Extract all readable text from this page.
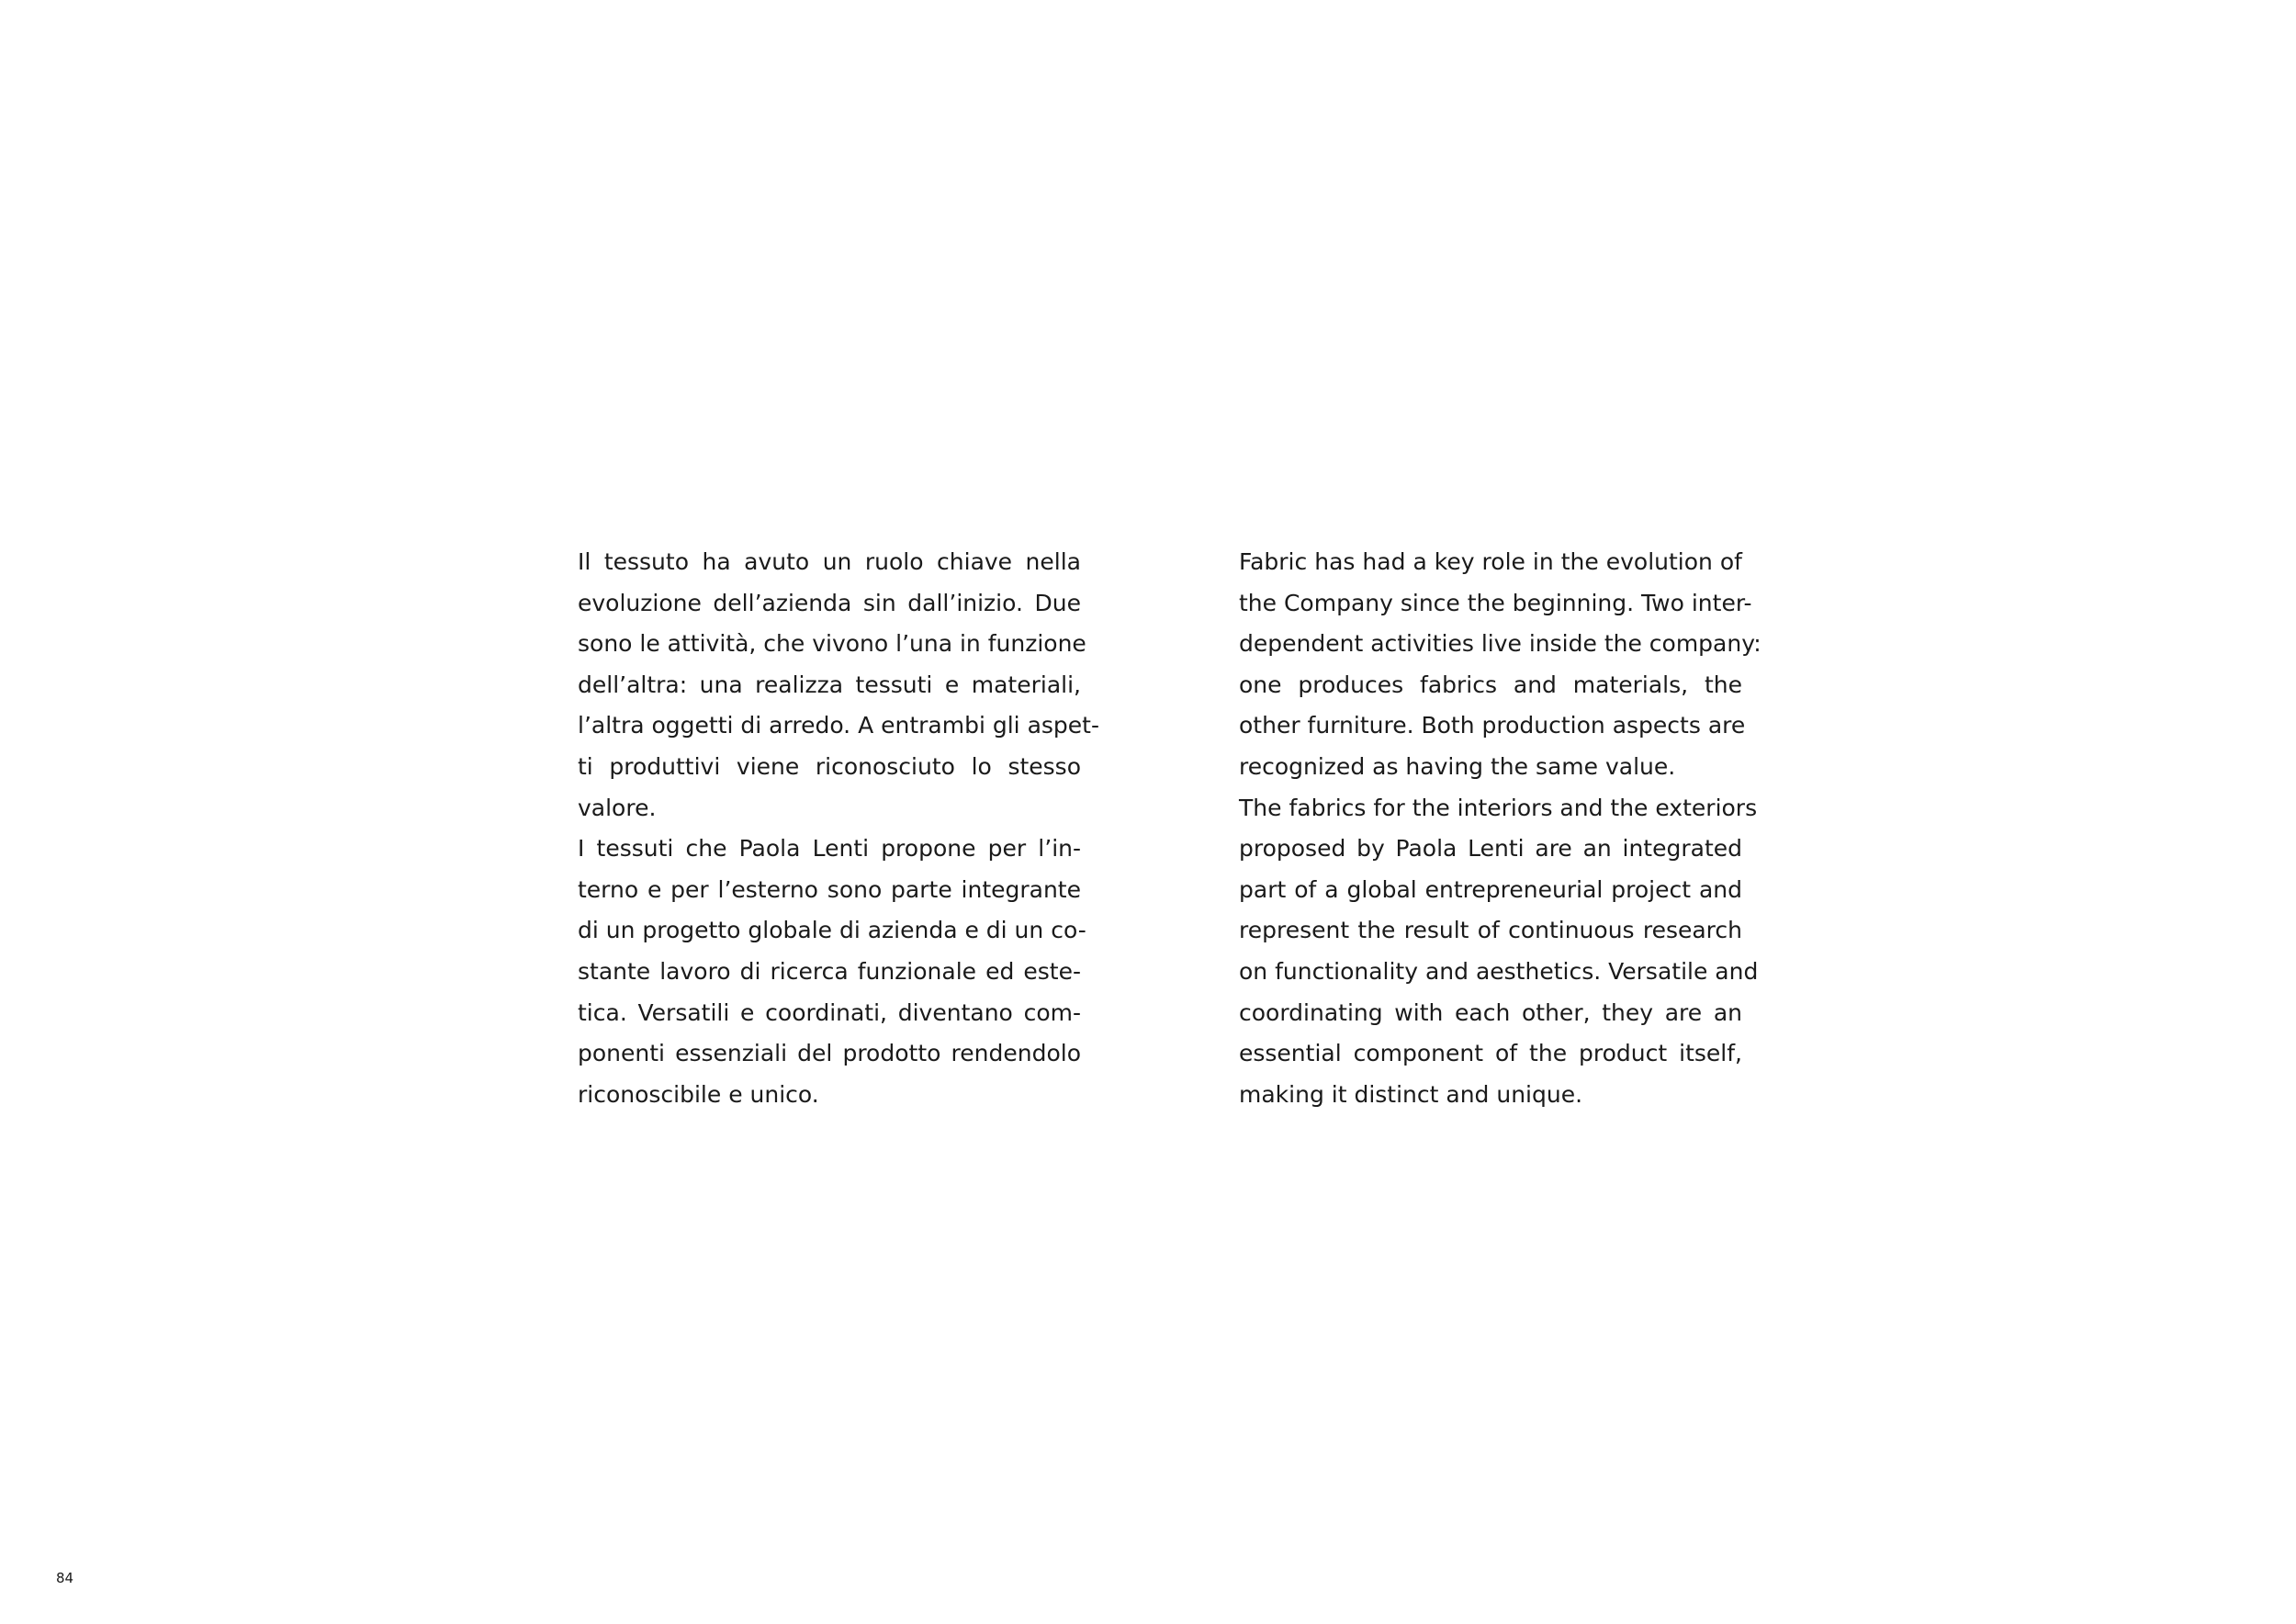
Il tessuto ha avuto un ruolo chiave nella
evoluzione dell’azienda sin dall’inizio. Due
sono le attività, che vivono l’una in funzione
dell’altra: una realizza tessuti e materiali,
l’altra oggetti di arredo. A entrambi gli aspet-
ti produttivi viene riconosciuto lo stesso
valore.
I tessuti che Paola Lenti propone per l’in-
terno e per l’esterno sono parte integrante
di un progetto globale di azienda e di un co-
stante lavoro di ricerca funzionale ed este-
tica. Versatili e coordinati, diventano com-
ponenti essenziali del prodotto rendendolo
riconoscibile e unico.
Fabric has had a key role in the evolution of
the Company since the beginning. Two inter-
dependent activities live inside the company:
one produces fabrics and materials, the
other furniture. Both production aspects are
recognized as having the same value.
The fabrics for the interiors and the exteriors
proposed by Paola Lenti are an integrated
part of a global entrepreneurial project and
represent the result of continuous research
on functionality and aesthetics. Versatile and
coordinating with each other, they are an
essential component of the product itself,
making it distinct and unique.
84
